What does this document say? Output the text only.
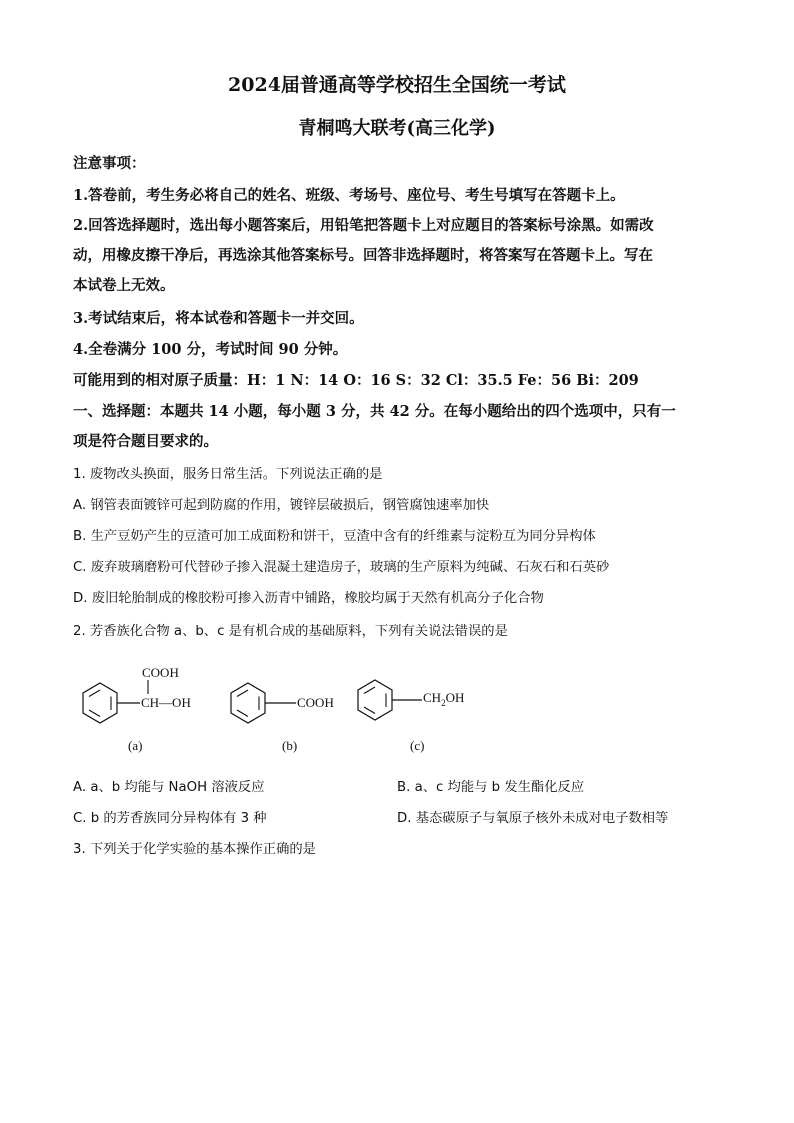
2024届普通高等学校招生全国统一考试
青桐鸣大联考(高三化学)
注意事项：
1.答卷前，考生务必将自己的姓名、班级、考场号、座位号、考生号填写在答题卡上。
2.回答选择题时，选出每小题答案后，用铅笔把答题卡上对应题目的答案标号涂黑。如需改
动，用橡皮擦干净后，再选涂其他答案标号。回答非选择题时，将答案写在答题卡上。写在
本试卷上无效。
3.考试结束后，将本试卷和答题卡一并交回。
4.全卷满分 100 分，考试时间 90 分钟。
可能用到的相对原子质量：H：1 N：14 O：16 S：32 Cl：35.5 Fe：56 Bi：209
一、选择题：本题共 14 小题，每小题 3 分，共 42 分。在每小题给出的四个选项中，只有一
项是符合题目要求的。
1. 废物改头换面，服务日常生活。下列说法正确的是
A. 钢管表面镀锌可起到防腐的作用，镀锌层破损后，钢管腐蚀速率加快
B. 生产豆奶产生的豆渣可加工成面粉和饼干，豆渣中含有的纤维素与淀粉互为同分异构体
C. 废弃玻璃磨粉可代替砂子掺入混凝土建造房子，玻璃的生产原料为纯碱、石灰石和石英砂
D. 废旧轮胎制成的橡胶粉可掺入沥青中铺路，橡胶均属于天然有机高分子化合物
2. 芳香族化合物 a、b、c 是有机合成的基础原料，下列有关说法错误的是
COOH
CH—OH
(a)
COOH
(b)
$CH_2OH$
(c)
A. a、b 均能与 NaOH 溶液反应	B. a、c 均能与 b 发生酯化反应
C. b 的芳香族同分异构体有 3 种	D. 基态碳原子与氧原子核外未成对电子数相等
3. 下列关于化学实验的基本操作正确的是
